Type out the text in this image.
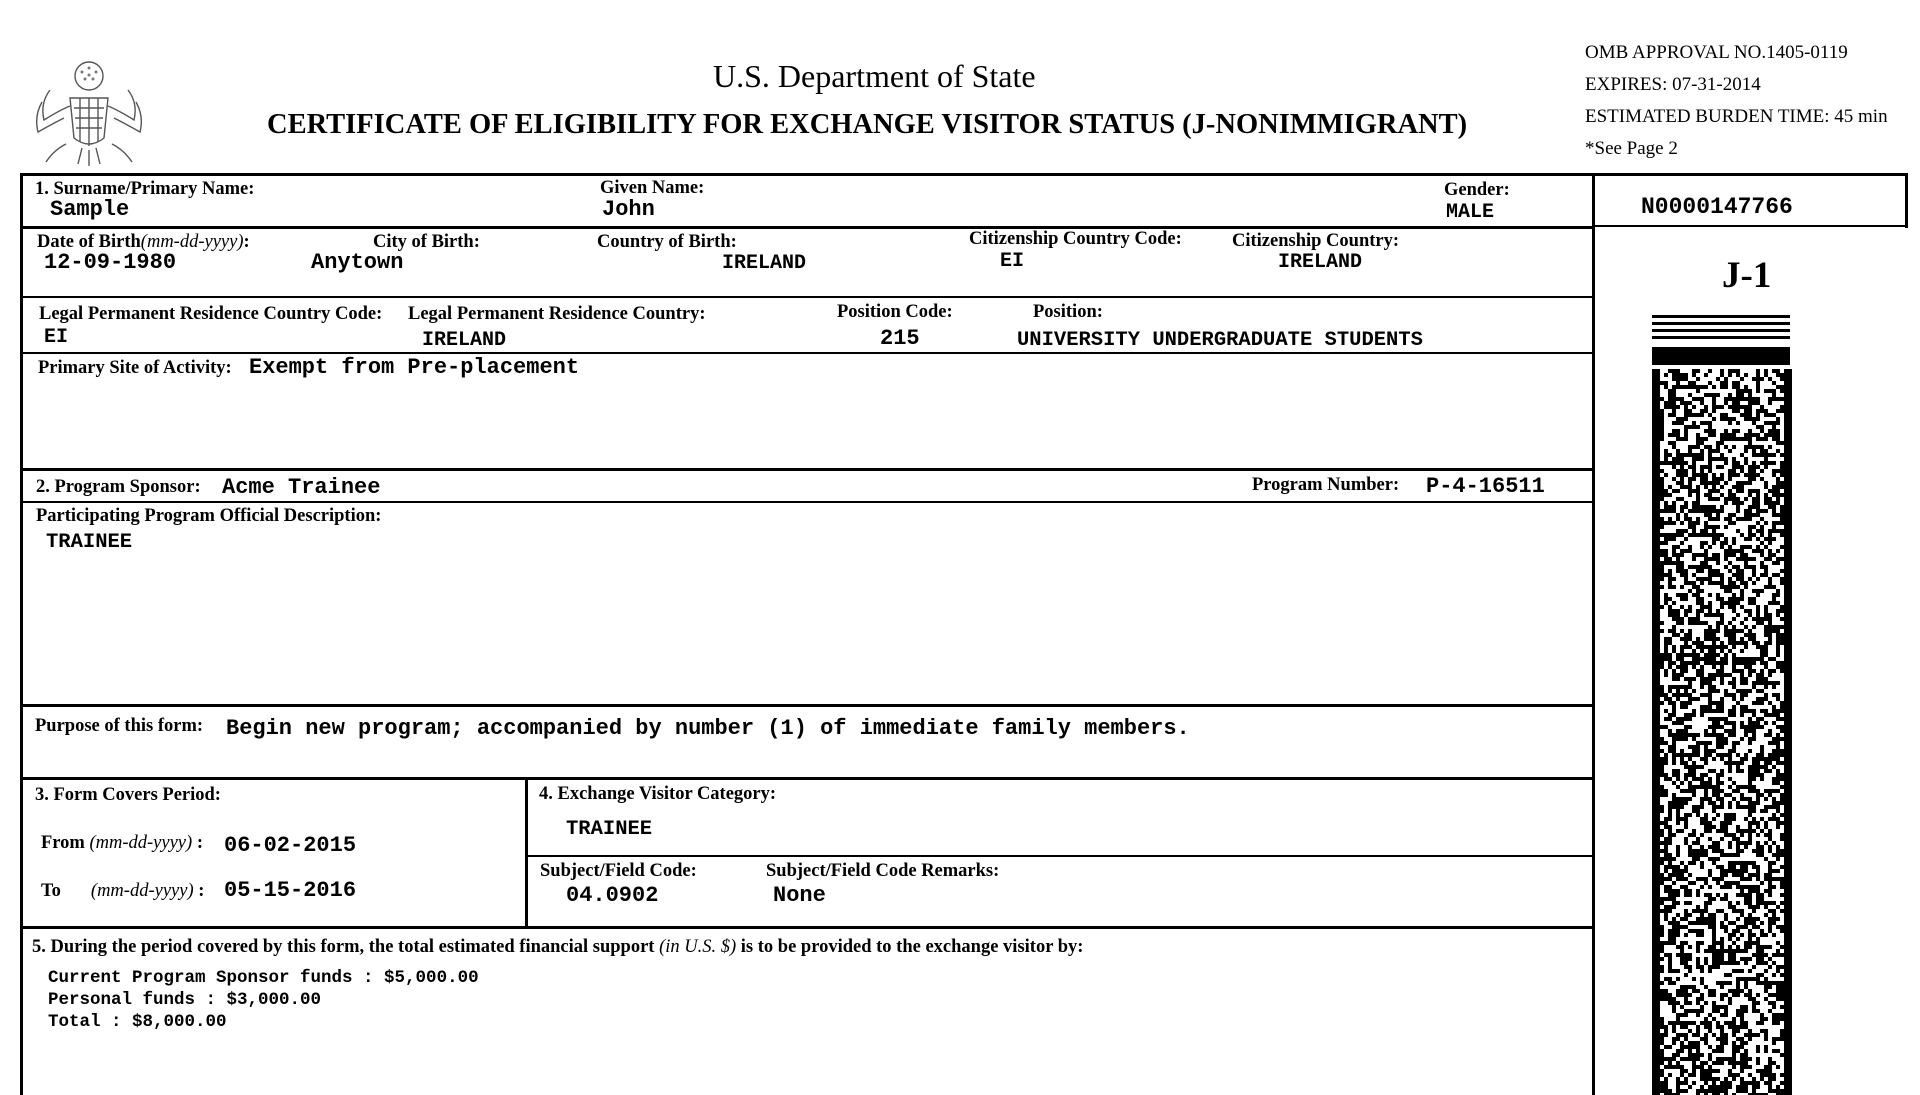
U.S. Department of State
CERTIFICATE OF ELIGIBILITY FOR EXCHANGE VISITOR STATUS (J-NONIMMIGRANT)
OMB APPROVAL NO.1405-0119
EXPIRES: 07-31-2014
ESTIMATED BURDEN TIME: 45 min
*See Page 2
1. Surname/Primary Name:
Sample
Given Name:
John
Gender:
MALE
Date of Birth(mm-dd-yyyy):
12-09-1980
City of Birth:
Anytown
Country of Birth:
IRELAND
Citizenship Country Code:
EI
Citizenship Country:
IRELAND
Legal Permanent Residence Country Code:
EI
Legal Permanent Residence Country:
IRELAND
Position Code:
215
Position:
UNIVERSITY UNDERGRADUATE STUDENTS
Primary Site of Activity: Exempt from Pre-placement
2. Program Sponsor: Acme Trainee	Program Number: P-4-16511
Participating Program Official Description:
TRAINEE
Purpose of this form: Begin new program; accompanied by number (1) of immediate family members.
3. Form Covers Period:
From (mm-dd-yyyy) : 06-02-2015
To (mm-dd-yyyy) : 05-15-2016
4. Exchange Visitor Category:
TRAINEE
Subject/Field Code:
04.0902
Subject/Field Code Remarks:
None
5. During the period covered by this form, the total estimated financial support (in U.S. $) is to be provided to the exchange visitor by:
Current Program Sponsor funds : $5,000.00
Personal funds : $3,000.00
Total : $8,000.00
N0000147766
J-1
